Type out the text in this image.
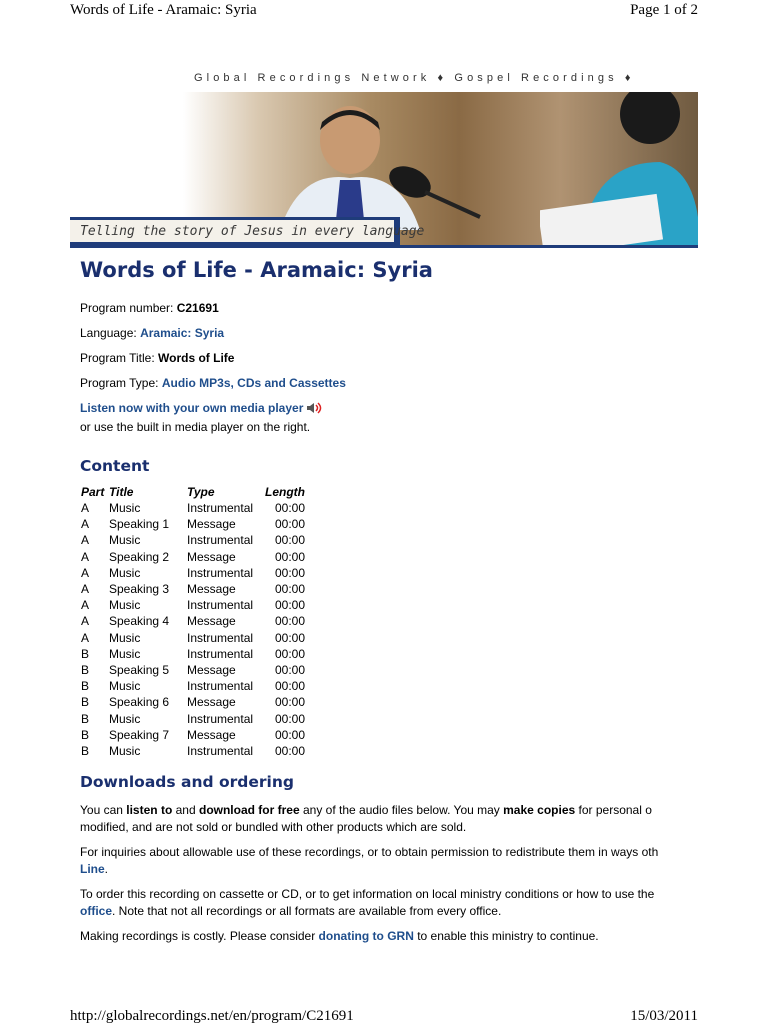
Words of Life - Aramaic: Syria	Page 1 of 2
Global Recordings Network ♦ Gospel Recordings ♦
Telling the story of Jesus in every language
Words of Life - Aramaic: Syria

Program number: C21691

Language: Aramaic: Syria

Program Title: Words of Life

Program Type: Audio MP3s, CDs and Cassettes

Listen now with your own media player
or use the built in media player on the right.
Content
Part	Title	Type	Length
A	Music	Instrumental	00:00
A	Speaking 1	Message	00:00
A	Music	Instrumental	00:00
A	Speaking 2	Message	00:00
A	Music	Instrumental	00:00
A	Speaking 3	Message	00:00
A	Music	Instrumental	00:00
A	Speaking 4	Message	00:00
A	Music	Instrumental	00:00
B	Music	Instrumental	00:00
B	Speaking 5	Message	00:00
B	Music	Instrumental	00:00
B	Speaking 6	Message	00:00
B	Music	Instrumental	00:00
B	Speaking 7	Message	00:00
B	Music	Instrumental	00:00
Downloads and ordering

You can listen to and download for free any of the audio files below. You may make copies for personal o
modified, and are not sold or bundled with other products which are sold.

For inquiries about allowable use of these recordings, or to obtain permission to redistribute them in ways oth
Line.

To order this recording on cassette or CD, or to get information on local ministry conditions or how to use the
office. Note that not all recordings or all formats are available from every office.

Making recordings is costly. Please consider donating to GRN to enable this ministry to continue.

http://globalrecordings.net/en/program/C21691	15/03/2011
